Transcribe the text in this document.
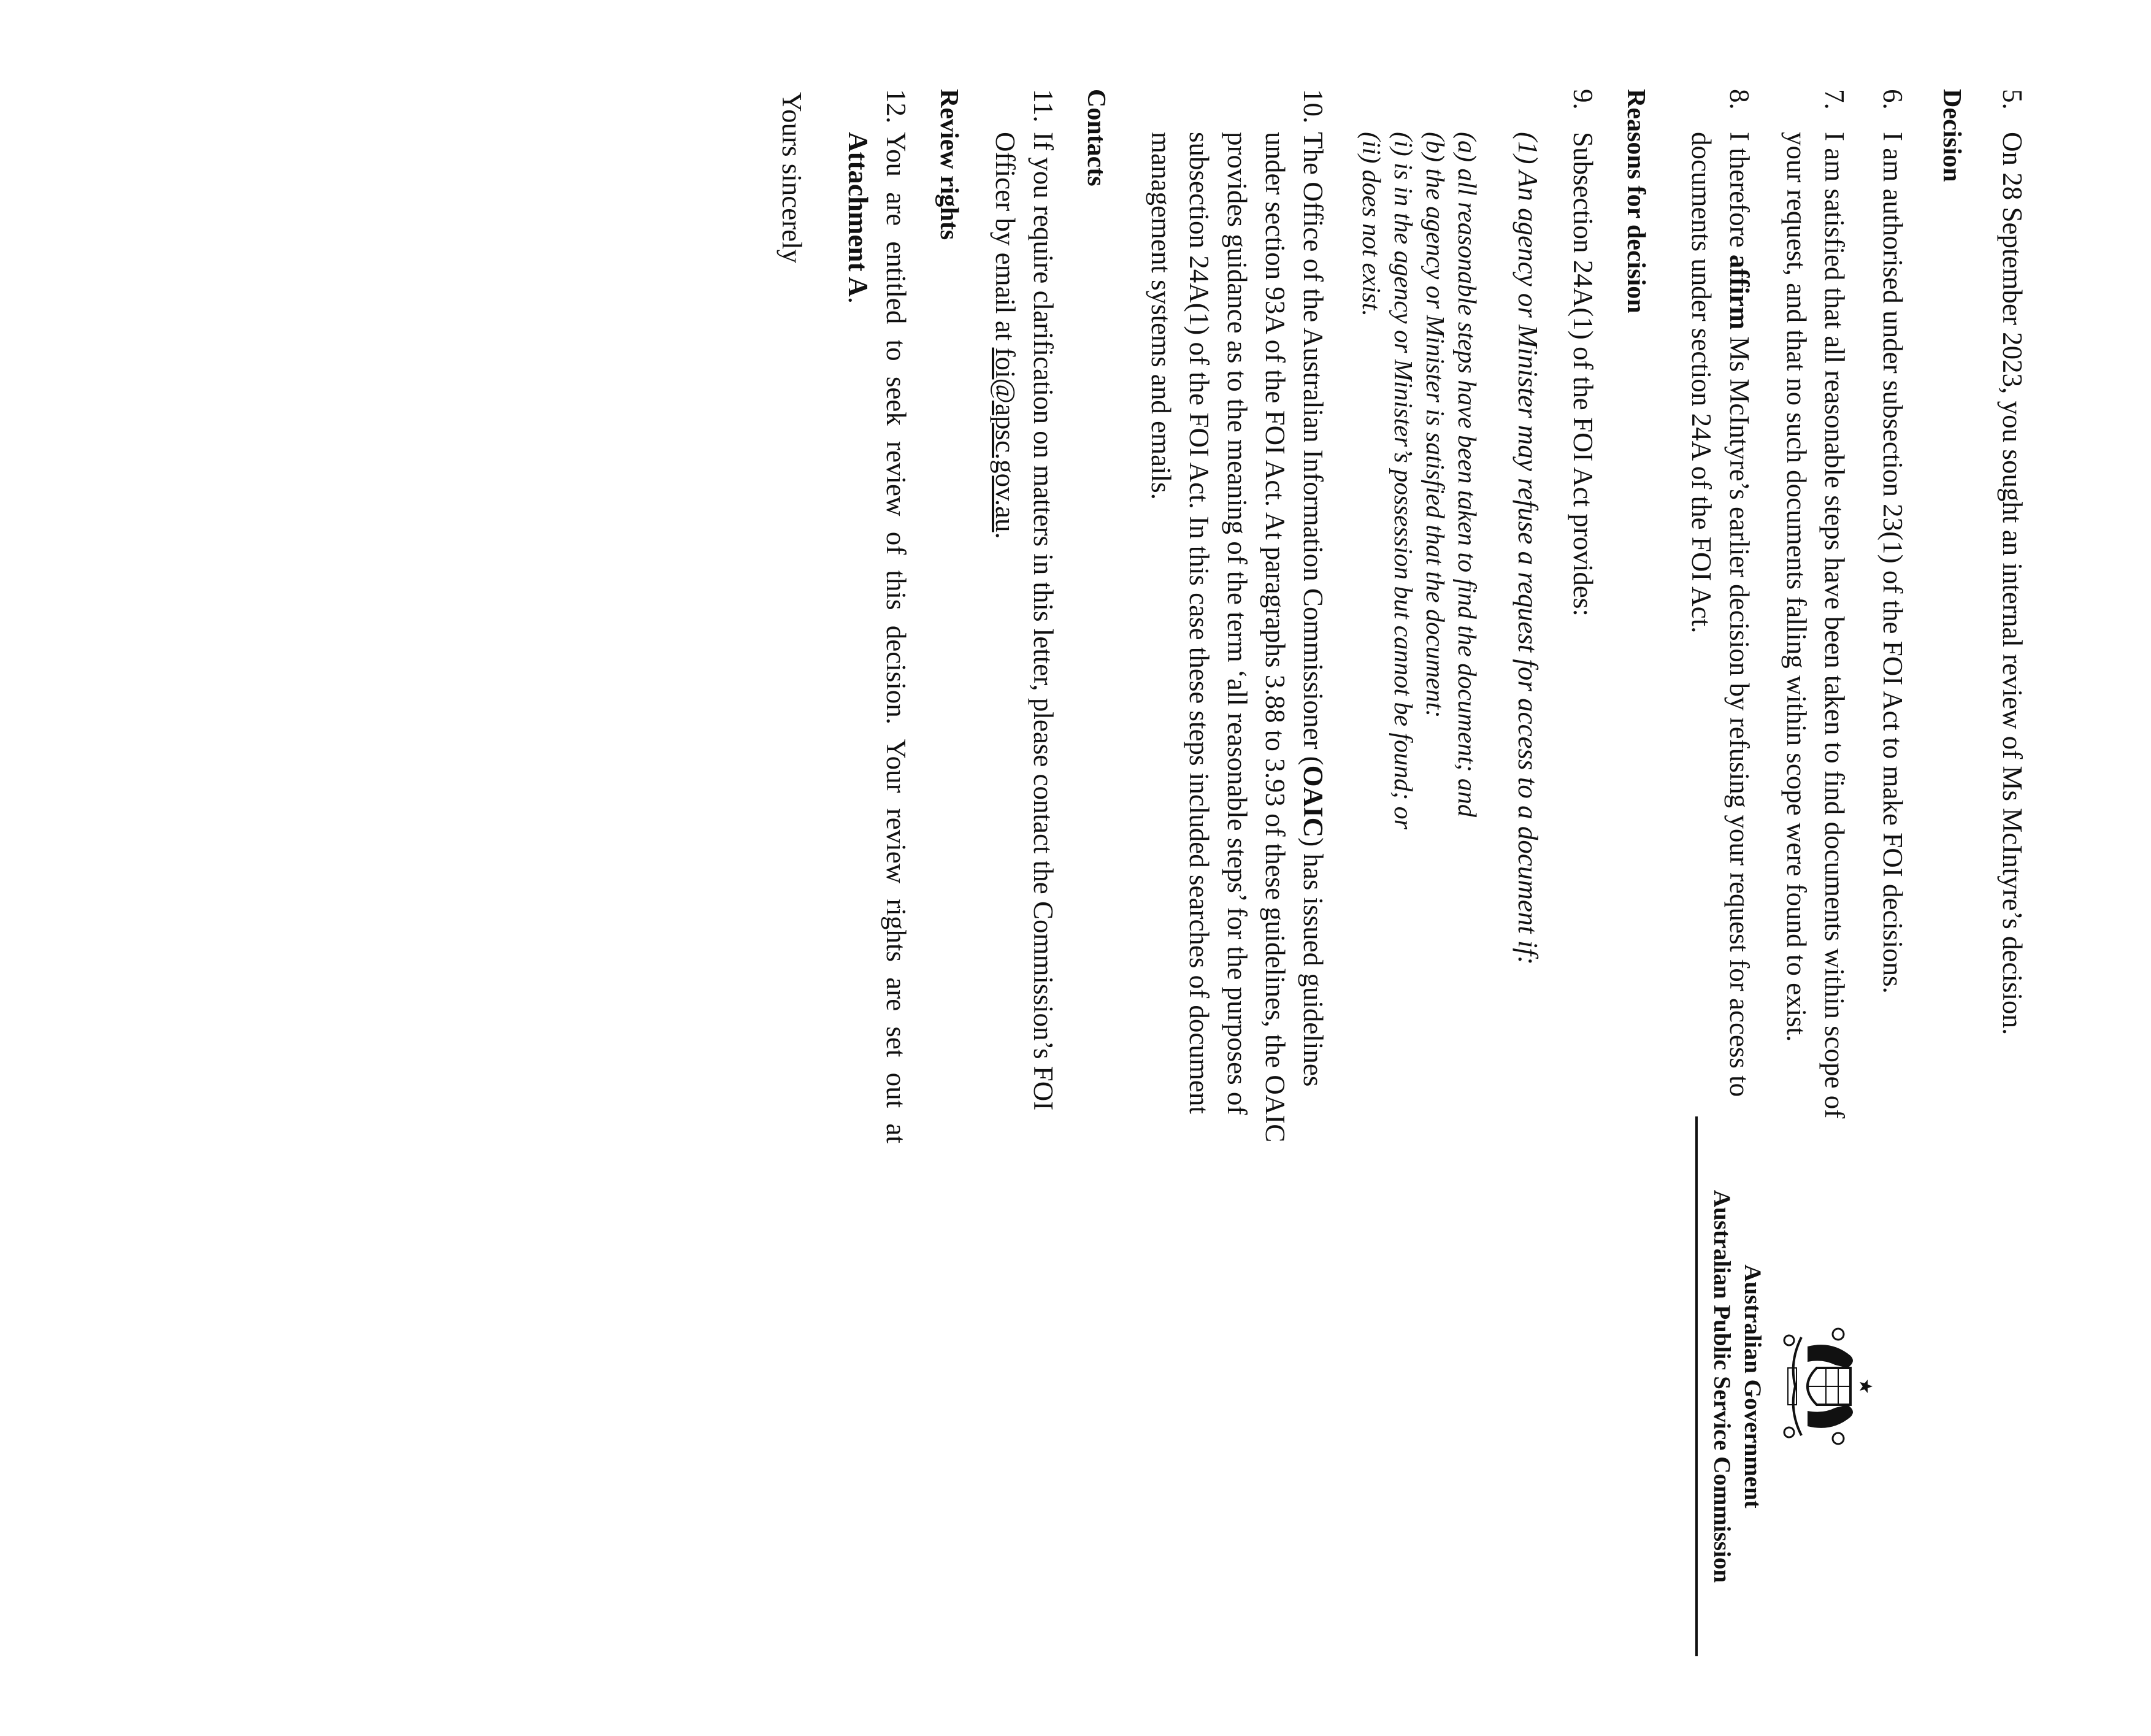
Australian Government
Australian Public Service Commission
5.
On 28 September 2023, you sought an internal review of Ms McIntyre’s decision.
Decision
6.
I am authorised under subsection 23(1) of the FOI Act to make FOI decisions.
7.
I am satisfied that all reasonable steps have been taken to find documents within scope of
your request, and that no such documents falling within scope were found to exist.
8.
I therefore affirm Ms McIntyre’s earlier decision by refusing your request for access to
documents under section 24A of the FOI Act.
Reasons for decision
9.
Subsection 24A(1) of the FOI Act provides:
(1) An agency or Minister may refuse a request for access to a document if:
(a) all reasonable steps have been taken to find the document; and
(b) the agency or Minister is satisfied that the document:
(i) is in the agency or Minister’s possession but cannot be found; or
(ii) does not exist.
10.
The Office of the Australian Information Commissioner (OAIC) has issued guidelines
under section 93A of the FOI Act. At paragraphs 3.88 to 3.93 of these guidelines, the OAIC
provides guidance as to the meaning of the term ‘all reasonable steps’ for the purposes of
subsection 24A(1) of the FOI Act. In this case these steps included searches of document
management systems and emails.
Contacts
11.
If you require clarification on matters in this letter, please contact the Commission’s FOI
Officer by email at foi@apsc.gov.au.
Review rights
12.
You are entitled to seek review of this decision. Your review rights are set out at
Attachment A.
Yours sincerely
